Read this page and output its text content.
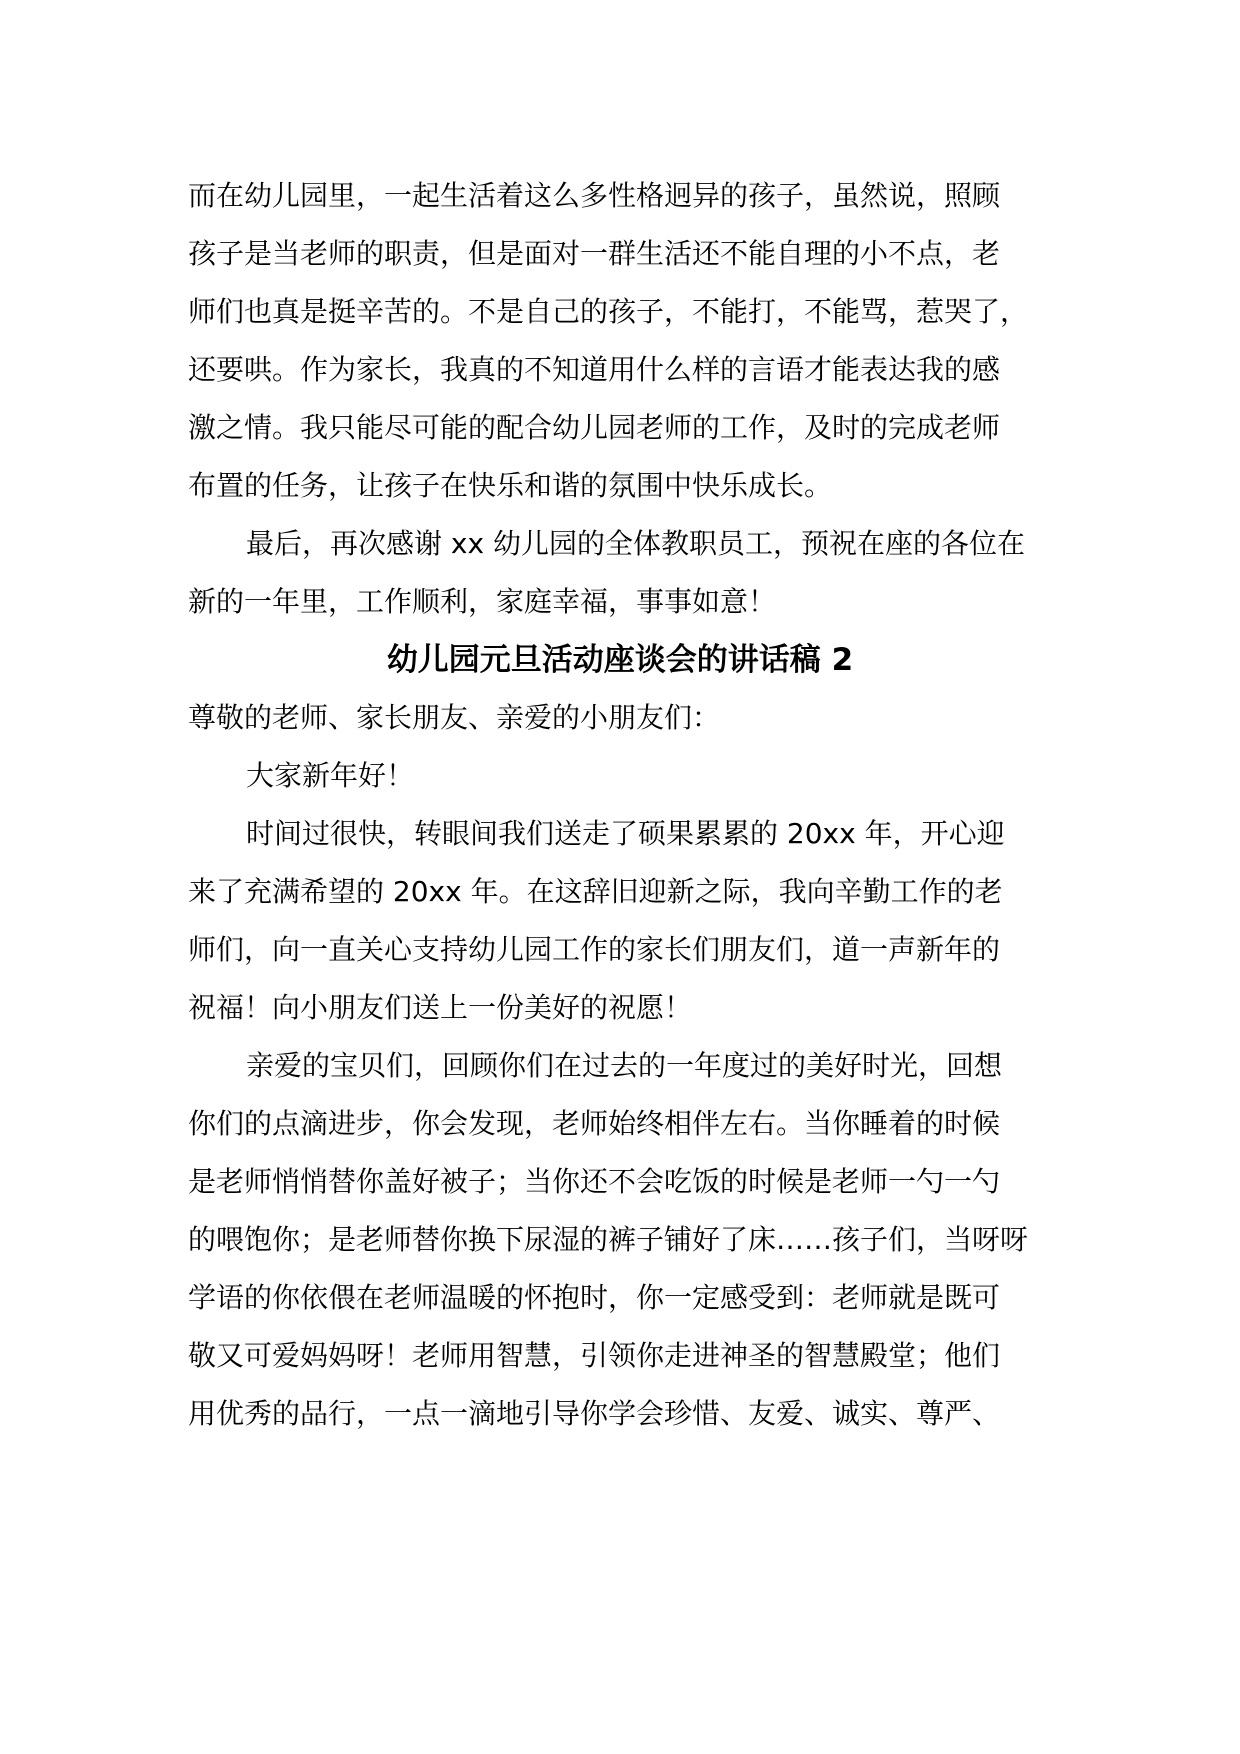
而在幼儿园里，一起生活着这么多性格迥异的孩子，虽然说，照顾

孩子是当老师的职责，但是面对一群生活还不能自理的小不点，老

师们也真是挺辛苦的。不是自己的孩子，不能打，不能骂，惹哭了，

还要哄。作为家长，我真的不知道用什么样的言语才能表达我的感

激之情。我只能尽可能的配合幼儿园老师的工作，及时的完成老师

布置的任务，让孩子在快乐和谐的氛围中快乐成长。

最后，再次感谢 xx 幼儿园的全体教职员工，预祝在座的各位在

新的一年里，工作顺利，家庭幸福，事事如意！

幼儿园元旦活动座谈会的讲话稿 2

尊敬的老师、家长朋友、亲爱的小朋友们：

大家新年好！

时间过很快，转眼间我们送走了硕果累累的 20xx 年，开心迎

来了充满希望的 20xx 年。在这辞旧迎新之际，我向辛勤工作的老

师们，向一直关心支持幼儿园工作的家长们朋友们，道一声新年的

祝福！向小朋友们送上一份美好的祝愿！

亲爱的宝贝们，回顾你们在过去的一年度过的美好时光，回想

你们的点滴进步，你会发现，老师始终相伴左右。当你睡着的时候

是老师悄悄替你盖好被子；当你还不会吃饭的时候是老师一勺一勺

的喂饱你；是老师替你换下尿湿的裤子铺好了床……孩子们，当呀呀

学语的你依偎在老师温暖的怀抱时，你一定感受到：老师就是既可

敬又可爱妈妈呀！老师用智慧，引领你走进神圣的智慧殿堂；他们

用优秀的品行，一点一滴地引导你学会珍惜、友爱、诚实、尊严、
